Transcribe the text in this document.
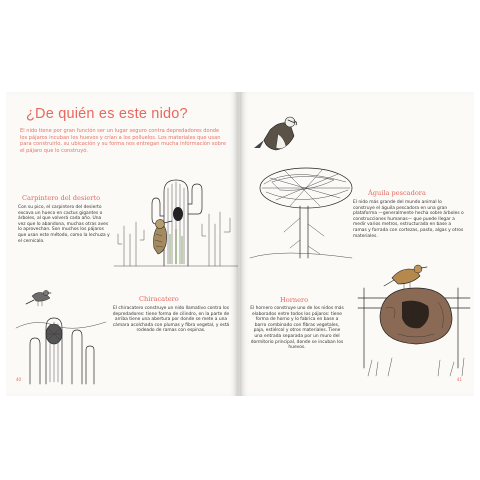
¿De quién es este nido?
El nido tiene por gran función ser un lugar seguro contra depredadores donde los pájaros incuban los huevos y crían a los polluelos. Los materiales que usan para construirlo, su ubicación y su forma nos entregan mucha información sobre el pájaro que lo construyó.
Carpintero del desierto
Con su pico, el carpintero del desierto excava un hueco en cactus gigantes o árboles, al que volverá cada año. Una vez que lo abandona, muchas otras aves lo aprovechan. Son muchos los pájaros que usan este método, como la lechuza y el cernícalo.
Chiracatero
El chiracatero construye un nido llamativo contra los depredadores: tiene forma de cilindro, en la parte de arriba tiene una abertura por donde se mete a una cámara acolchada con plumas y fibra vegetal, y está rodeado de ramas con espinas.
40
Águila pescadora
El nido más grande del mundo animal lo construye el águila pescadora en una gran plataforma —generalmente hecha sobre árboles o construcciones humanas— que puede llegar a medir varios metros, estructurada en base a ramas y forrada con cortezas, pasto, algas y otros materiales.
Hornero
El hornero construye uno de los nidos más elaborados entre todos los pájaros: tiene forma de horno y lo fabrica en base a barro combinado con fibras vegetales, paja, estiércol y otros materiales. Tiene una entrada separada por un muro del dormitorio principal, donde se incuban los huevos.
41
